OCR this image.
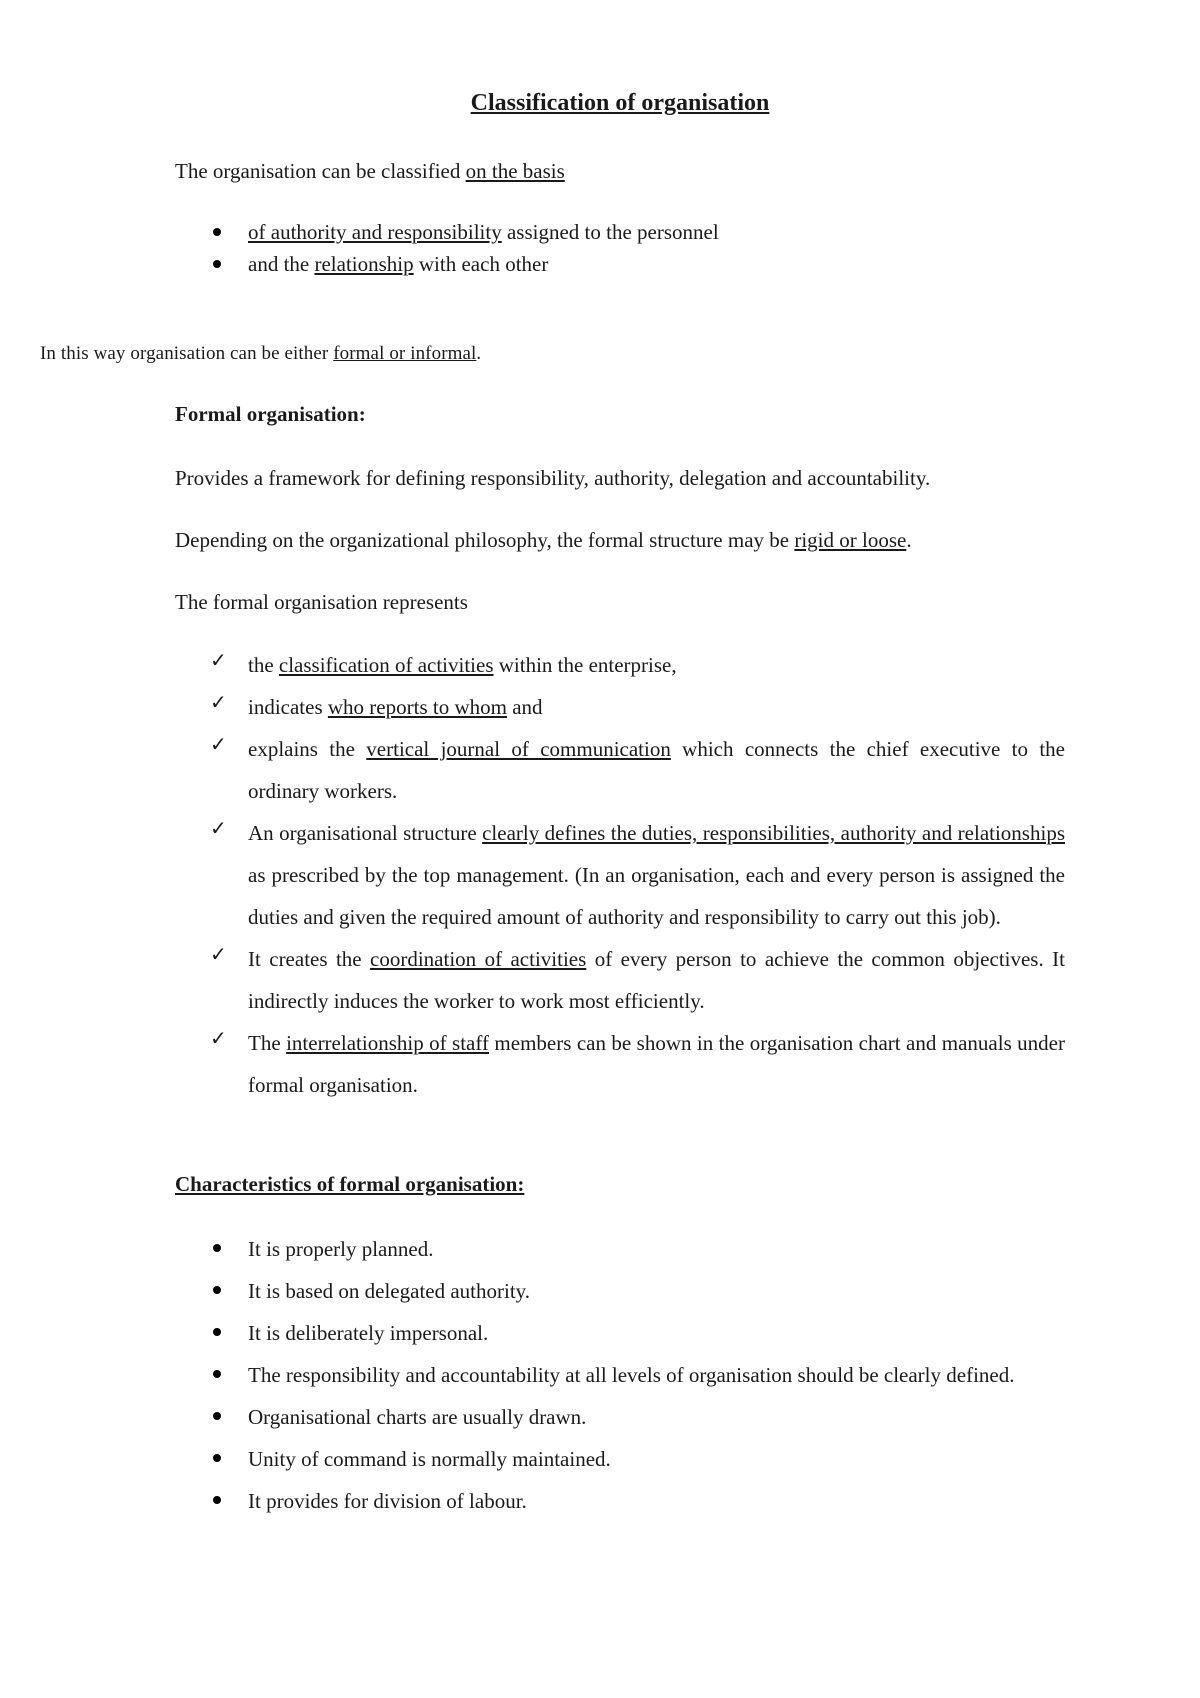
Classification of organisation

The organisation can be classified on the basis

of authority and responsibility assigned to the personnel
and the relationship with each other

In this way organisation can be either formal or informal.

Formal organisation:

Provides a framework for defining responsibility, authority, delegation and accountability.

Depending on the organizational philosophy, the formal structure may be rigid or loose.

The formal organisation represents

✓ the classification of activities within the enterprise,
✓ indicates who reports to whom and
✓ explains the vertical journal of communication which connects the chief executive to the ordinary workers.
✓ An organisational structure clearly defines the duties, responsibilities, authority and relationships as prescribed by the top management. (In an organisation, each and every person is assigned the duties and given the required amount of authority and responsibility to carry out this job).
✓ It creates the coordination of activities of every person to achieve the common objectives. It indirectly induces the worker to work most efficiently.
✓ The interrelationship of staff members can be shown in the organisation chart and manuals under formal organisation.
Characteristics of formal organisation:
It is properly planned.
It is based on delegated authority.
It is deliberately impersonal.
The responsibility and accountability at all levels of organisation should be clearly defined.
Organisational charts are usually drawn.
Unity of command is normally maintained.
It provides for division of labour.
